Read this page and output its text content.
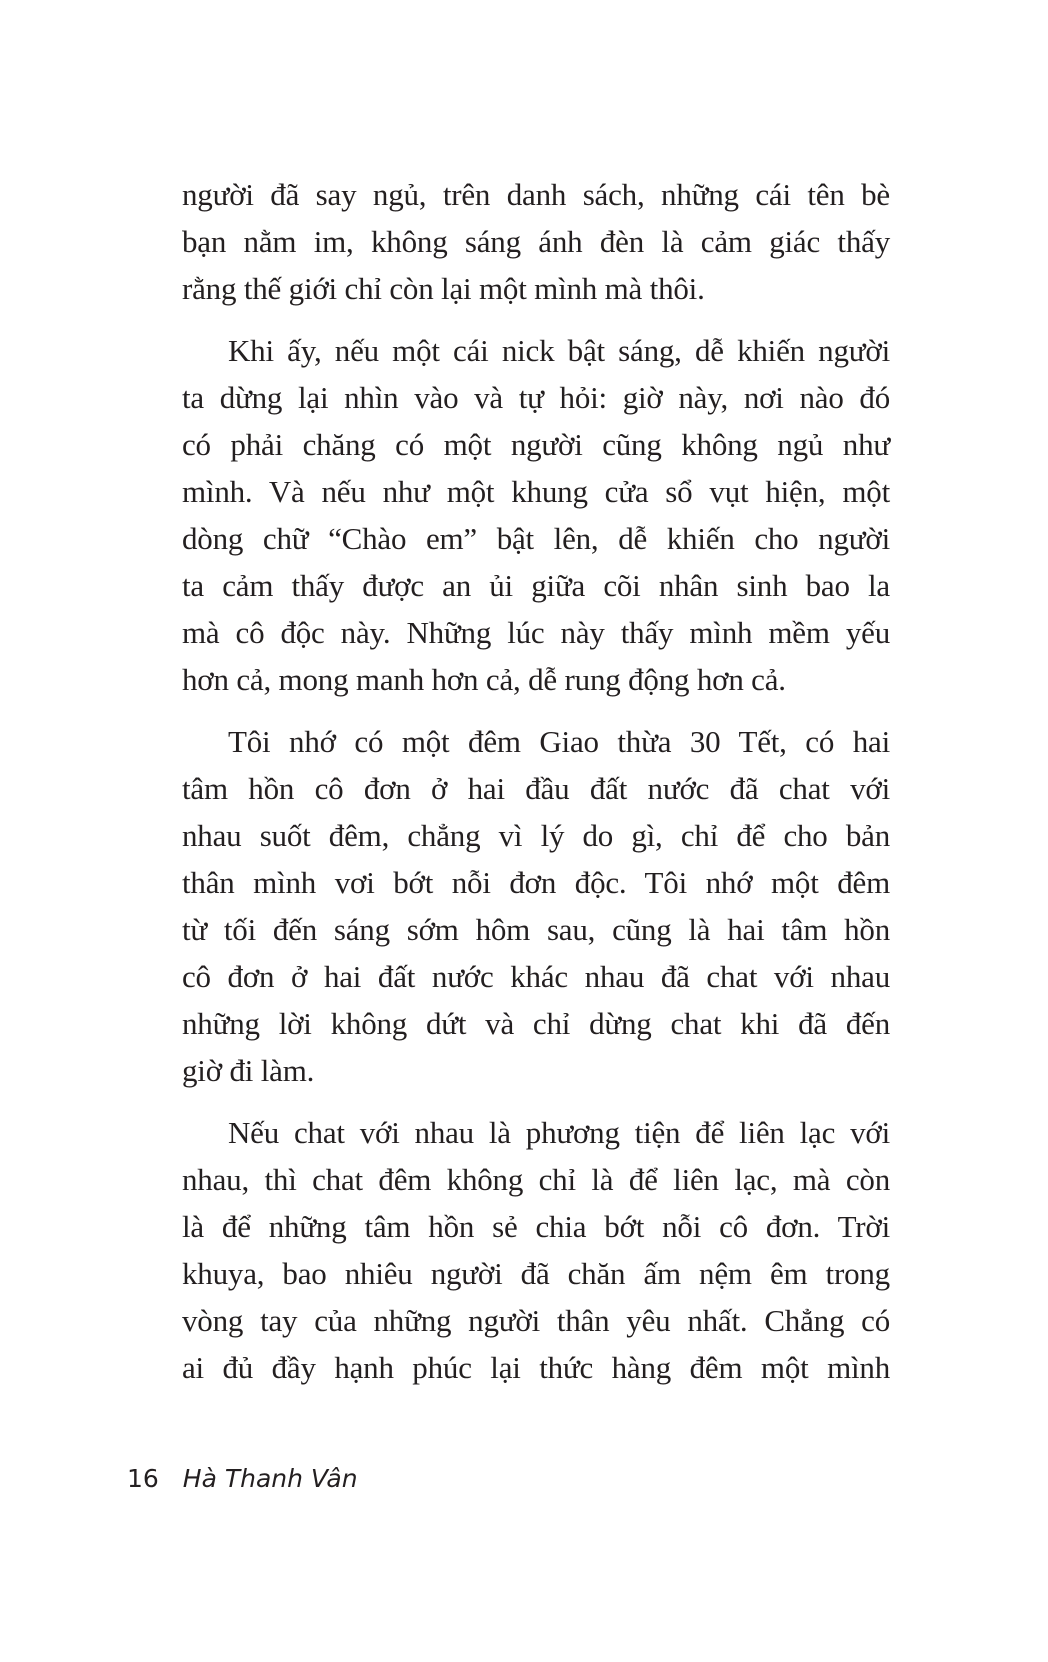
người đã say ngủ, trên danh sách, những cái tên bè
bạn nằm im, không sáng ánh đèn là cảm giác thấy
rằng thế giới chỉ còn lại một mình mà thôi.
Khi ấy, nếu một cái nick bật sáng, dễ khiến người
ta dừng lại nhìn vào và tự hỏi: giờ này, nơi nào đó
có phải chăng có một người cũng không ngủ như
mình. Và nếu như một khung cửa sổ vụt hiện, một
dòng chữ “Chào em” bật lên, dễ khiến cho người
ta cảm thấy được an ủi giữa cõi nhân sinh bao la
mà cô độc này. Những lúc này thấy mình mềm yếu
hơn cả, mong manh hơn cả, dễ rung động hơn cả.
Tôi nhớ có một đêm Giao thừa 30 Tết, có hai
tâm hồn cô đơn ở hai đầu đất nước đã chat với
nhau suốt đêm, chẳng vì lý do gì, chỉ để cho bản
thân mình vơi bớt nỗi đơn độc. Tôi nhớ một đêm
từ tối đến sáng sớm hôm sau, cũng là hai tâm hồn
cô đơn ở hai đất nước khác nhau đã chat với nhau
những lời không dứt và chỉ dừng chat khi đã đến
giờ đi làm.
Nếu chat với nhau là phương tiện để liên lạc với
nhau, thì chat đêm không chỉ là để liên lạc, mà còn
là để những tâm hồn sẻ chia bớt nỗi cô đơn. Trời
khuya, bao nhiêu người đã chăn ấm nệm êm trong
vòng tay của những người thân yêu nhất. Chẳng có
ai đủ đầy hạnh phúc lại thức hàng đêm một mình
16 Hà Thanh Vân
